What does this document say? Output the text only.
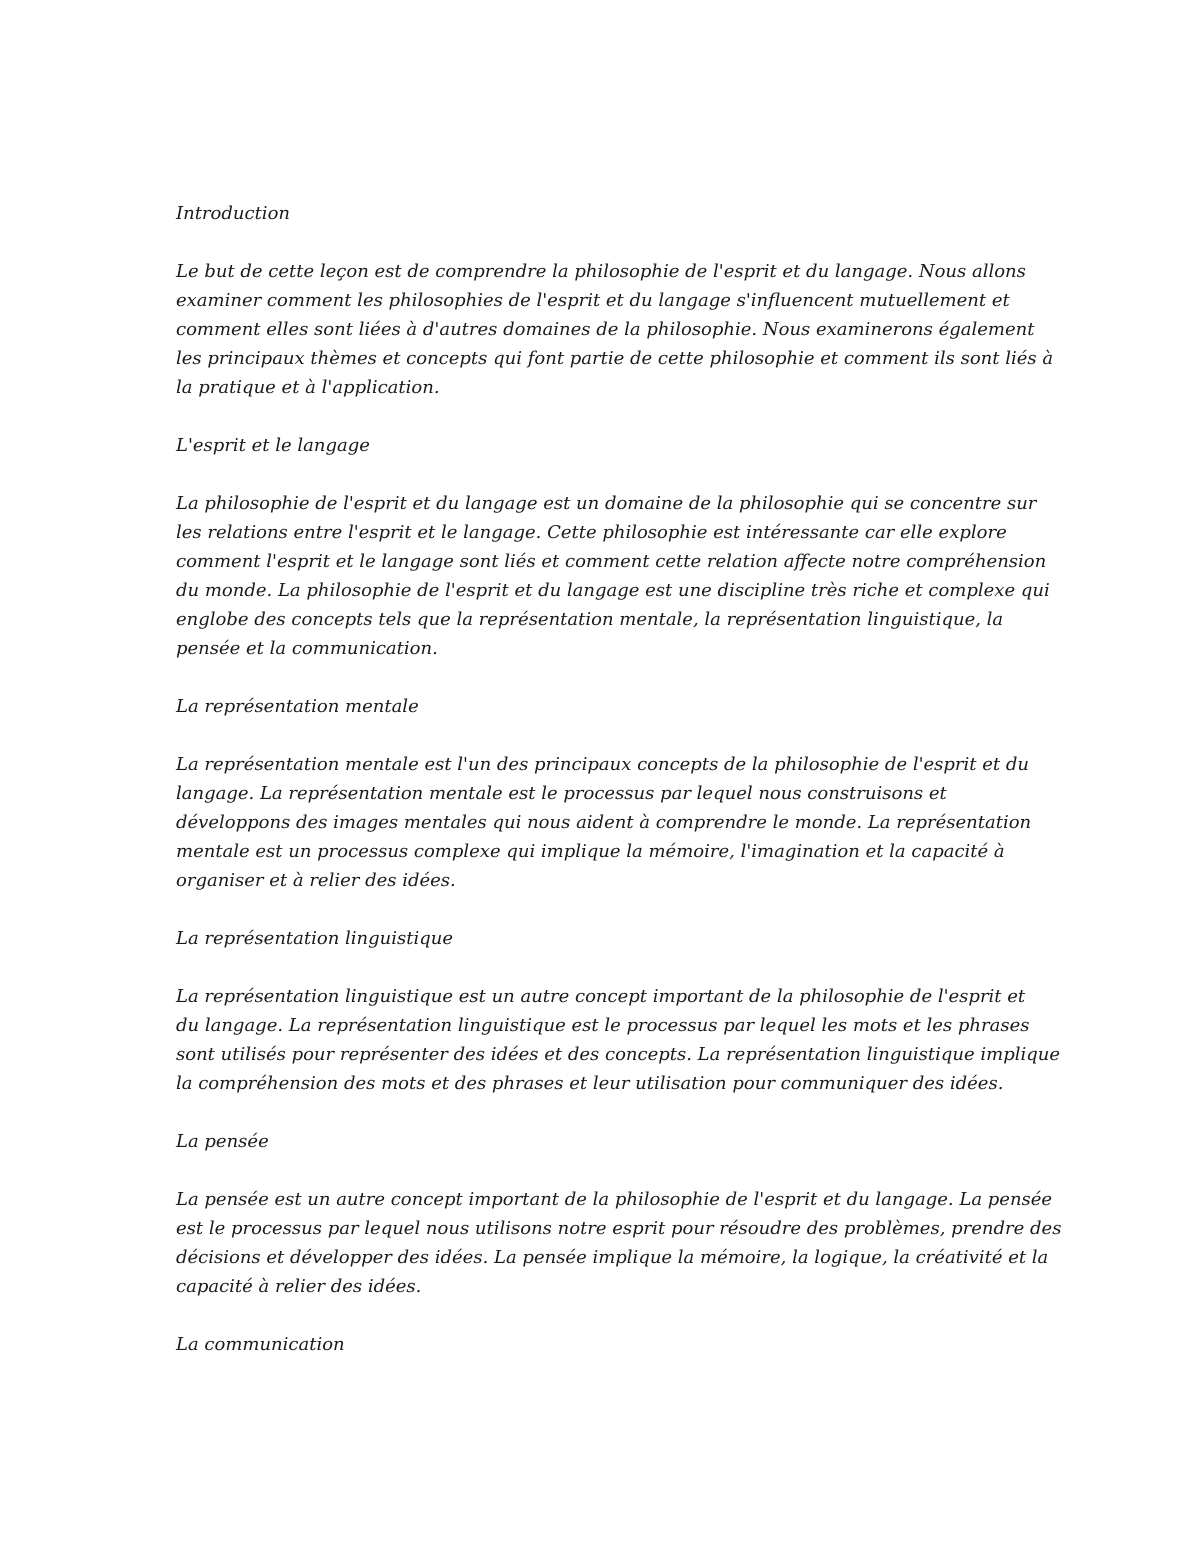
Introduction
Le but de cette leçon est de comprendre la philosophie de l'esprit et du langage. Nous allons
examiner comment les philosophies de l'esprit et du langage s'influencent mutuellement et
comment elles sont liées à d'autres domaines de la philosophie. Nous examinerons également
les principaux thèmes et concepts qui font partie de cette philosophie et comment ils sont liés à
la pratique et à l'application.
L'esprit et le langage
La philosophie de l'esprit et du langage est un domaine de la philosophie qui se concentre sur
les relations entre l'esprit et le langage. Cette philosophie est intéressante car elle explore
comment l'esprit et le langage sont liés et comment cette relation affecte notre compréhension
du monde. La philosophie de l'esprit et du langage est une discipline très riche et complexe qui
englobe des concepts tels que la représentation mentale, la représentation linguistique, la
pensée et la communication.
La représentation mentale
La représentation mentale est l'un des principaux concepts de la philosophie de l'esprit et du
langage. La représentation mentale est le processus par lequel nous construisons et
développons des images mentales qui nous aident à comprendre le monde. La représentation
mentale est un processus complexe qui implique la mémoire, l'imagination et la capacité à
organiser et à relier des idées.
La représentation linguistique
La représentation linguistique est un autre concept important de la philosophie de l'esprit et
du langage. La représentation linguistique est le processus par lequel les mots et les phrases
sont utilisés pour représenter des idées et des concepts. La représentation linguistique implique
la compréhension des mots et des phrases et leur utilisation pour communiquer des idées.
La pensée
La pensée est un autre concept important de la philosophie de l'esprit et du langage. La pensée
est le processus par lequel nous utilisons notre esprit pour résoudre des problèmes, prendre des
décisions et développer des idées. La pensée implique la mémoire, la logique, la créativité et la
capacité à relier des idées.
La communication
